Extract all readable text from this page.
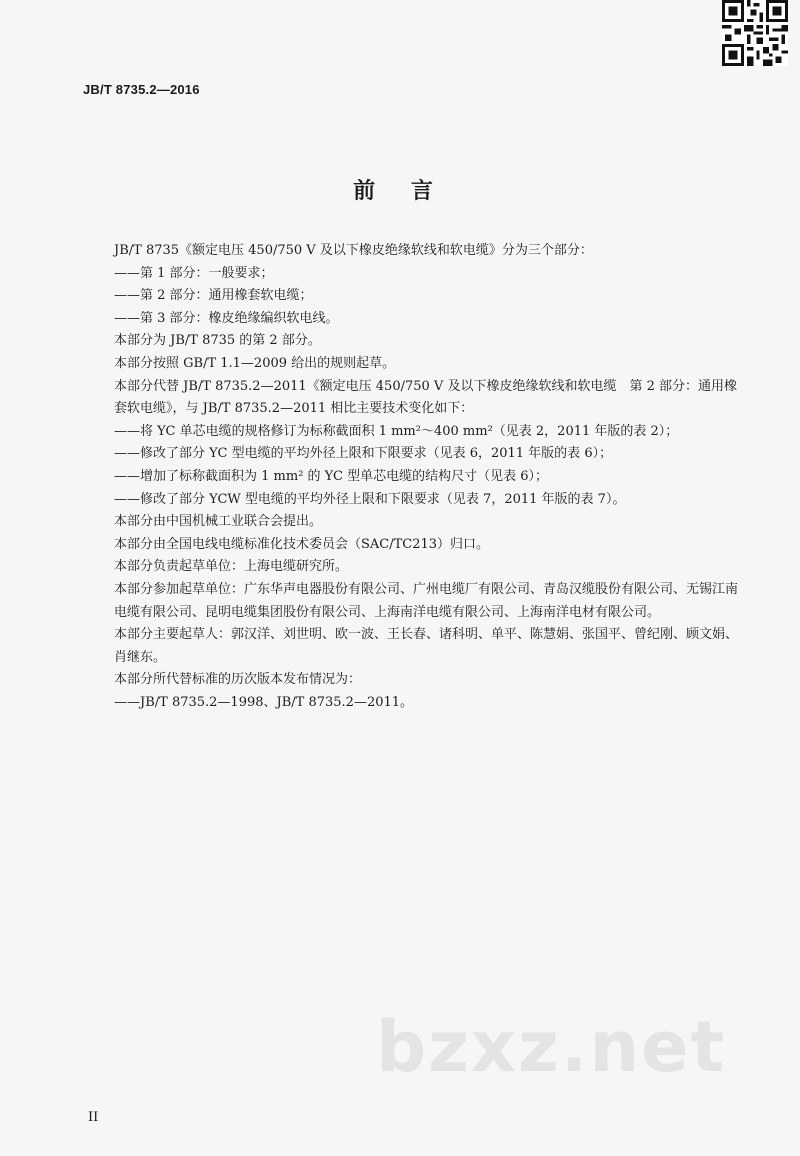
JB/T 8735.2—2016
前 言

JB/T 8735《额定电压 450/750 V 及以下橡皮绝缘软线和软电缆》分为三个部分：

——第 1 部分：一般要求；

——第 2 部分：通用橡套软电缆；

——第 3 部分：橡皮绝缘编织软电线。

本部分为 JB/T 8735 的第 2 部分。

本部分按照 GB/T 1.1—2009 给出的规则起草。

本部分代替 JB/T 8735.2—2011《额定电压 450/750 V 及以下橡皮绝缘软线和软电缆　第 2 部分：通用橡套软电缆》，与 JB/T 8735.2—2011 相比主要技术变化如下：

——将 YC 单芯电缆的规格修订为标称截面积 1 mm²～400 mm²（见表 2，2011 年版的表 2）；

——修改了部分 YC 型电缆的平均外径上限和下限要求（见表 6，2011 年版的表 6）；

——增加了标称截面积为 1 mm² 的 YC 型单芯电缆的结构尺寸（见表 6）；

——修改了部分 YCW 型电缆的平均外径上限和下限要求（见表 7，2011 年版的表 7）。

本部分由中国机械工业联合会提出。

本部分由全国电线电缆标准化技术委员会（SAC/TC213）归口。

本部分负责起草单位：上海电缆研究所。

本部分参加起草单位：广东华声电器股份有限公司、广州电缆厂有限公司、青岛汉缆股份有限公司、无锡江南电缆有限公司、昆明电缆集团股份有限公司、上海南洋电缆有限公司、上海南洋电材有限公司。

本部分主要起草人：郭汉洋、刘世明、欧一波、王长春、诸科明、单平、陈慧娟、张国平、曾纪刚、顾文娟、肖继东。

本部分所代替标准的历次版本发布情况为：

——JB/T 8735.2—1998、JB/T 8735.2—2011。

bzxz.net
II
